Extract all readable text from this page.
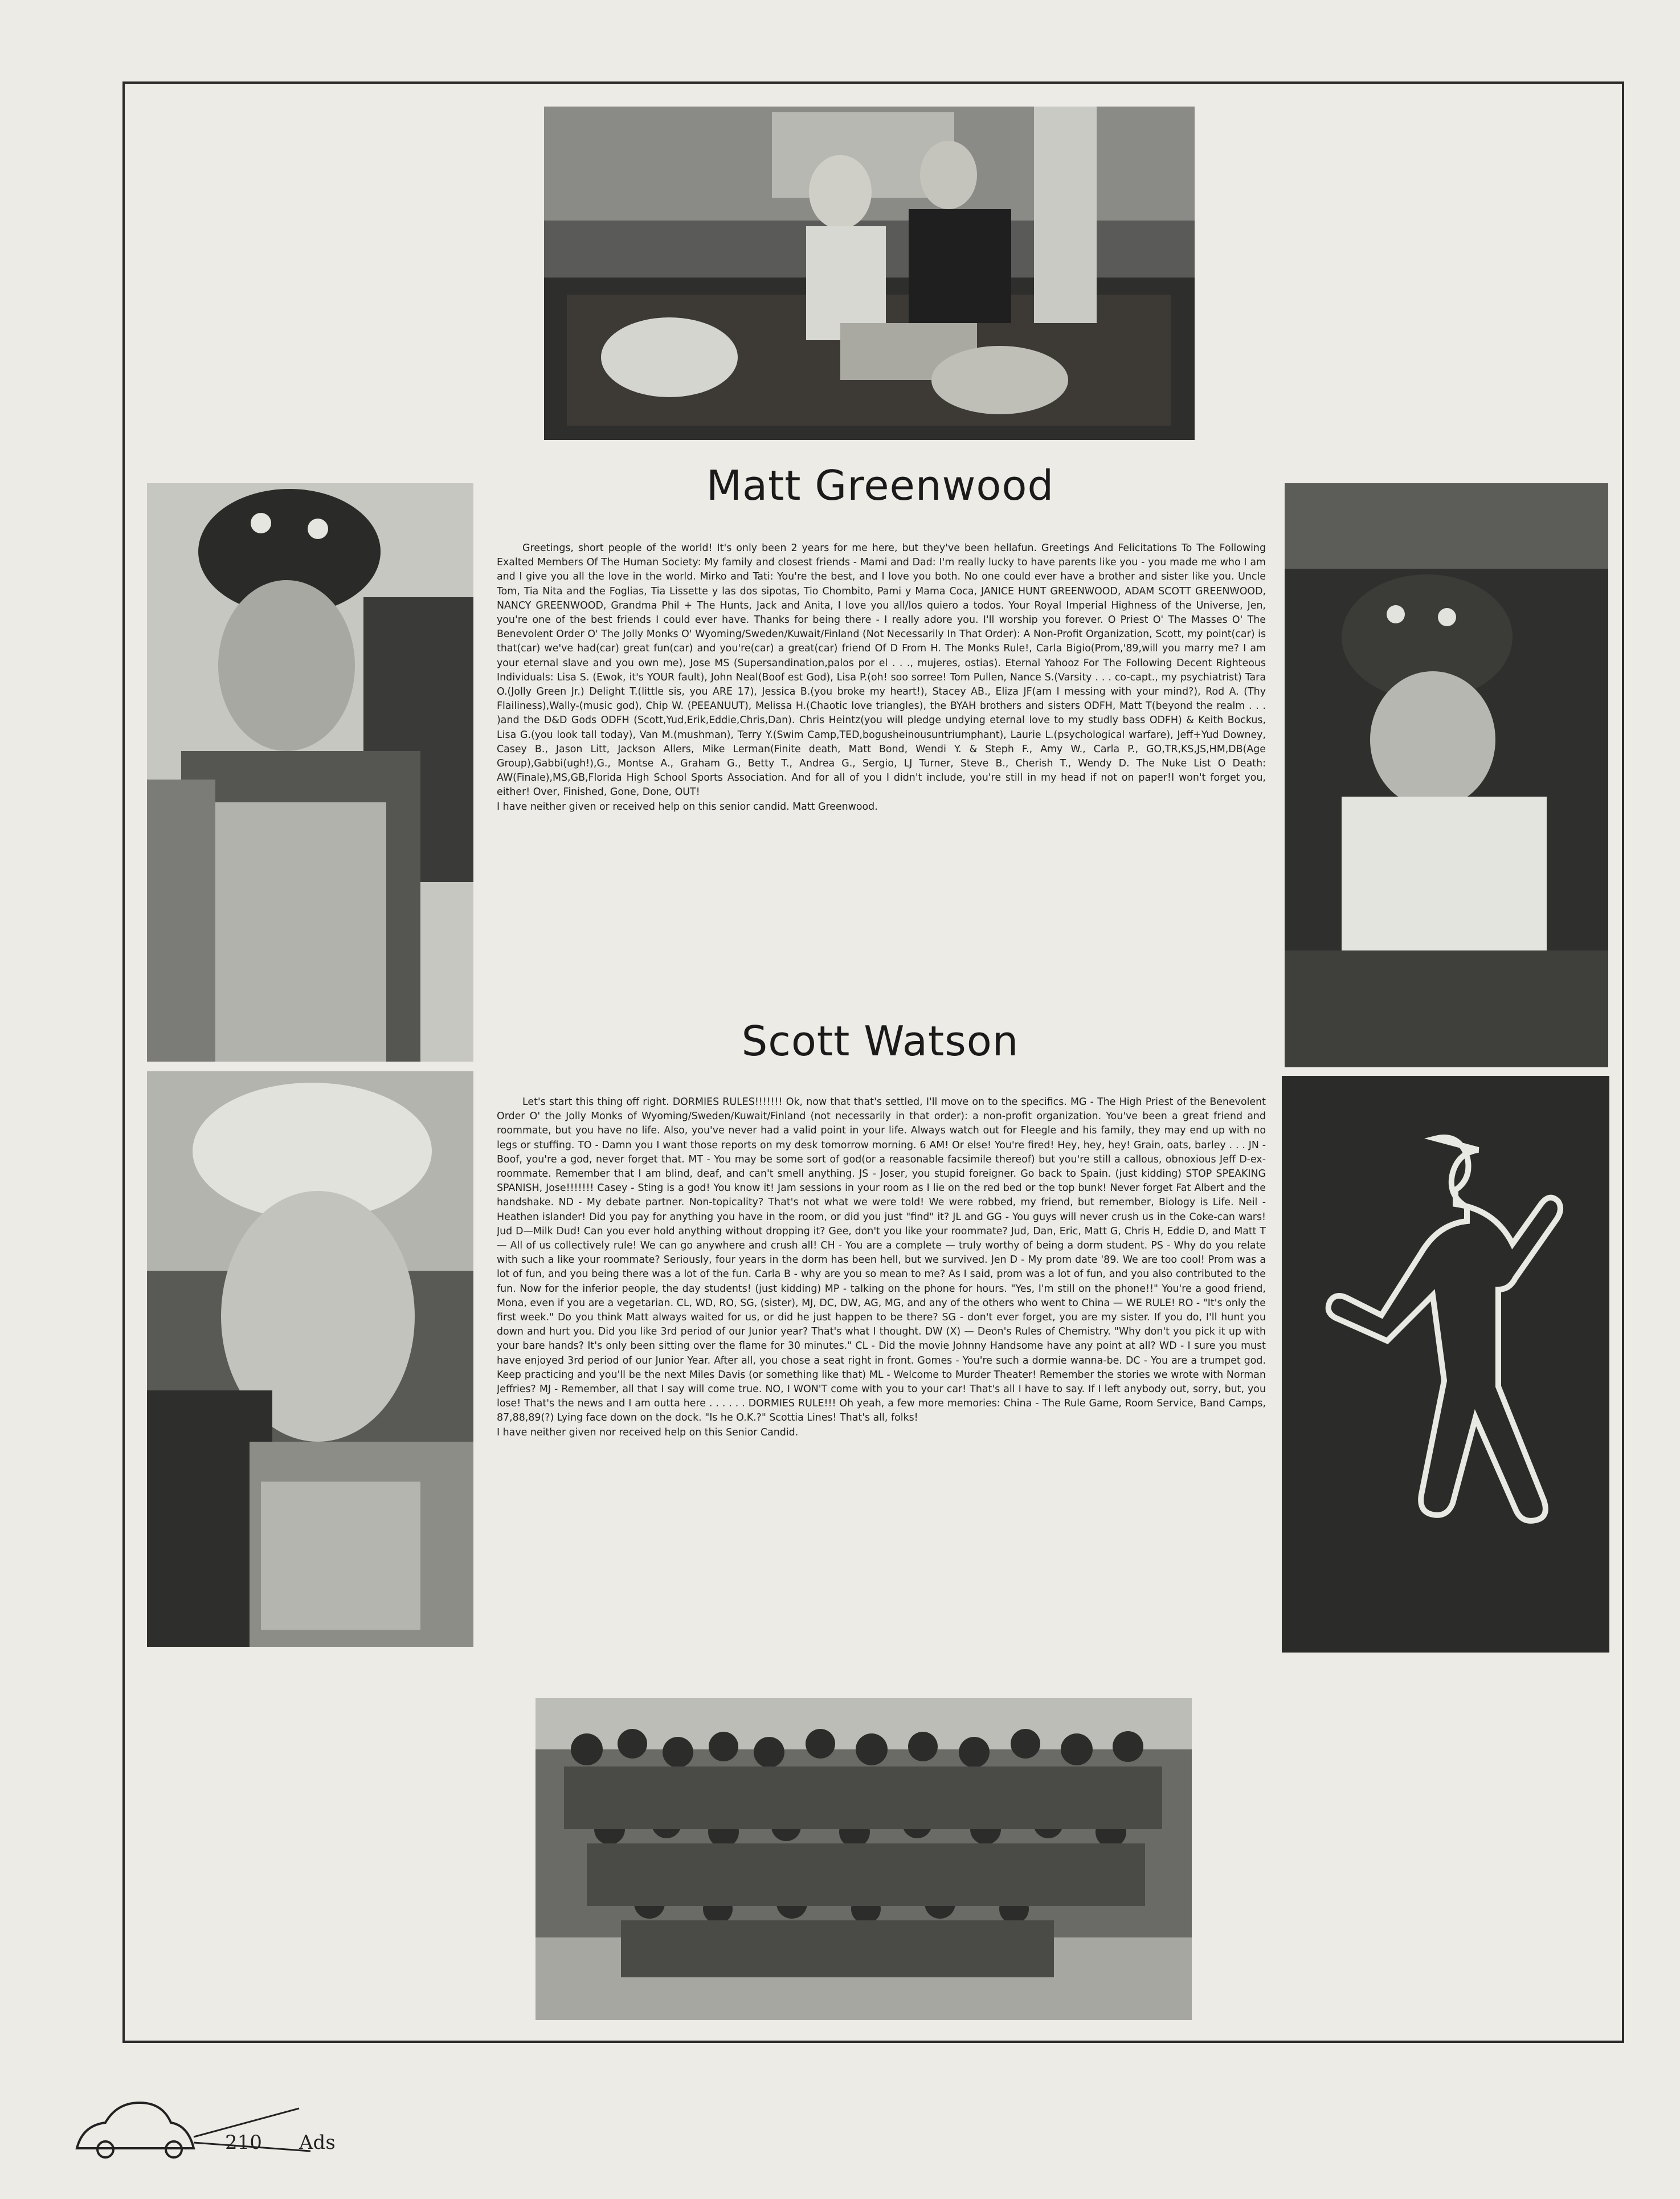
Matt Greenwood

Greetings, short people of the world! It's only been 2 years for me here, but they've been hellafun. Greetings And Felicitations To The Following Exalted Members Of The Human Society: My family and closest friends - Mami and Dad: I'm really lucky to have parents like you - you made me who I am and I give you all the love in the world. Mirko and Tati: You're the best, and I love you both. No one could ever have a brother and sister like you. Uncle Tom, Tia Nita and the Foglias, Tia Lissette y las dos sipotas, Tio Chombito, Pami y Mama Coca, JANICE HUNT GREENWOOD, ADAM SCOTT GREENWOOD, NANCY GREENWOOD, Grandma Phil + The Hunts, Jack and Anita, I love you all/los quiero a todos. Your Royal Imperial Highness of the Universe, Jen, you're one of the best friends I could ever have. Thanks for being there - I really adore you. I'll worship you forever. O Priest O' The Masses O' The Benevolent Order O' The Jolly Monks O' Wyoming/Sweden/Kuwait/Finland (Not Necessarily In That Order): A Non-Profit Organization, Scott, my point(car) is that(car) we've had(car) great fun(car) and you're(car) a great(car) friend Of D From H. The Monks Rule!, Carla Bigio(Prom,'89,will you marry me? I am your eternal slave and you own me), Jose MS (Supersandination,palos por el . . ., mujeres, ostias). Eternal Yahooz For The Following Decent Righteous Individuals: Lisa S. (Ewok, it's YOUR fault), John Neal(Boof est God), Lisa P.(oh! soo sorree! Tom Pullen, Nance S.(Varsity . . . co-capt., my psychiatrist) Tara O.(Jolly Green Jr.) Delight T.(little sis, you ARE 17), Jessica B.(you broke my heart!), Stacey AB., Eliza JF(am I messing with your mind?), Rod A. (Thy Flailiness),Wally-(music god), Chip W. (PEEANUUT), Melissa H.(Chaotic love triangles), the BYAH brothers and sisters ODFH, Matt T(beyond the realm . . . )and the D&D Gods ODFH (Scott,Yud,Erik,Eddie,Chris,Dan). Chris Heintz(you will pledge undying eternal love to my studly bass ODFH) & Keith Bockus, Lisa G.(you look tall today), Van M.(mushman), Terry Y.(Swim Camp,TED,bogusheinousuntriumphant), Laurie L.(psychological warfare), Jeff+Yud Downey, Casey B., Jason Litt, Jackson Allers, Mike Lerman(Finite death, Matt Bond, Wendi Y. & Steph F., Amy W., Carla P., GO,TR,KS,JS,HM,DB(Age Group),Gabbi(ugh!),G., Montse A., Graham G., Betty T., Andrea G., Sergio, LJ Turner, Steve B., Cherish T., Wendy D. The Nuke List O Death: AW(Finale),MS,GB,Florida High School Sports Association. And for all of you I didn't include, you're still in my head if not on paper!I won't forget you, either! Over, Finished, Gone, Done, OUT!

I have neither given or received help on this senior candid. Matt Greenwood.

Scott Watson

Let's start this thing off right. DORMIES RULES!!!!!!! Ok, now that that's settled, I'll move on to the specifics. MG - The High Priest of the Benevolent Order O' the Jolly Monks of Wyoming/Sweden/Kuwait/Finland (not necessarily in that order): a non-profit organization. You've been a great friend and roommate, but you have no life. Also, you've never had a valid point in your life. Always watch out for Fleegle and his family, they may end up with no legs or stuffing. TO - Damn you I want those reports on my desk tomorrow morning. 6 AM! Or else! You're fired! Hey, hey, hey! Grain, oats, barley . . . JN - Boof, you're a god, never forget that. MT - You may be some sort of god(or a reasonable facsimile thereof) but you're still a callous, obnoxious Jeff D-ex-roommate. Remember that I am blind, deaf, and can't smell anything. JS - Joser, you stupid foreigner. Go back to Spain. (just kidding) STOP SPEAKING SPANISH, Jose!!!!!!! Casey - Sting is a god! You know it! Jam sessions in your room as I lie on the red bed or the top bunk! Never forget Fat Albert and the handshake. ND - My debate partner. Non-topicality? That's not what we were told! We were robbed, my friend, but remember, Biology is Life. Neil - Heathen islander! Did you pay for anything you have in the room, or did you just "find" it? JL and GG - You guys will never crush us in the Coke-can wars! Jud D—Milk Dud! Can you ever hold anything without dropping it? Gee, don't you like your roommate? Jud, Dan, Eric, Matt G, Chris H, Eddie D, and Matt T — All of us collectively rule! We can go anywhere and crush all! CH - You are a complete — truly worthy of being a dorm student. PS - Why do you relate with such a like your roommate? Seriously, four years in the dorm has been hell, but we survived. Jen D - My prom date '89. We are too cool! Prom was a lot of fun, and you being there was a lot of the fun. Carla B - why are you so mean to me? As I said, prom was a lot of fun, and you also contributed to the fun. Now for the inferior people, the day students! (just kidding) MP - talking on the phone for hours. "Yes, I'm still on the phone!!" You're a good friend, Mona, even if you are a vegetarian. CL, WD, RO, SG, (sister), MJ, DC, DW, AG, MG, and any of the others who went to China — WE RULE! RO - "It's only the first week." Do you think Matt always waited for us, or did he just happen to be there? SG - don't ever forget, you are my sister. If you do, I'll hunt you down and hurt you. Did you like 3rd period of our Junior year? That's what I thought. DW (X) — Deon's Rules of Chemistry. "Why don't you pick it up with your bare hands? It's only been sitting over the flame for 30 minutes." CL - Did the movie Johnny Handsome have any point at all? WD - I sure you must have enjoyed 3rd period of our Junior Year. After all, you chose a seat right in front. Gomes - You're such a dormie wanna-be. DC - You are a trumpet god. Keep practicing and you'll be the next Miles Davis (or something like that) ML - Welcome to Murder Theater! Remember the stories we wrote with Norman Jeffries? MJ - Remember, all that I say will come true. NO, I WON'T come with you to your car! That's all I have to say. If I left anybody out, sorry, but, you lose! That's the news and I am outta here . . . . . . DORMIES RULE!!! Oh yeah, a few more memories: China - The Rule Game, Room Service, Band Camps, 87,88,89(?) Lying face down on the dock. "Is he O.K.?" Scottia Lines! That's all, folks!

I have neither given nor received help on this Senior Candid.

210 Ads
